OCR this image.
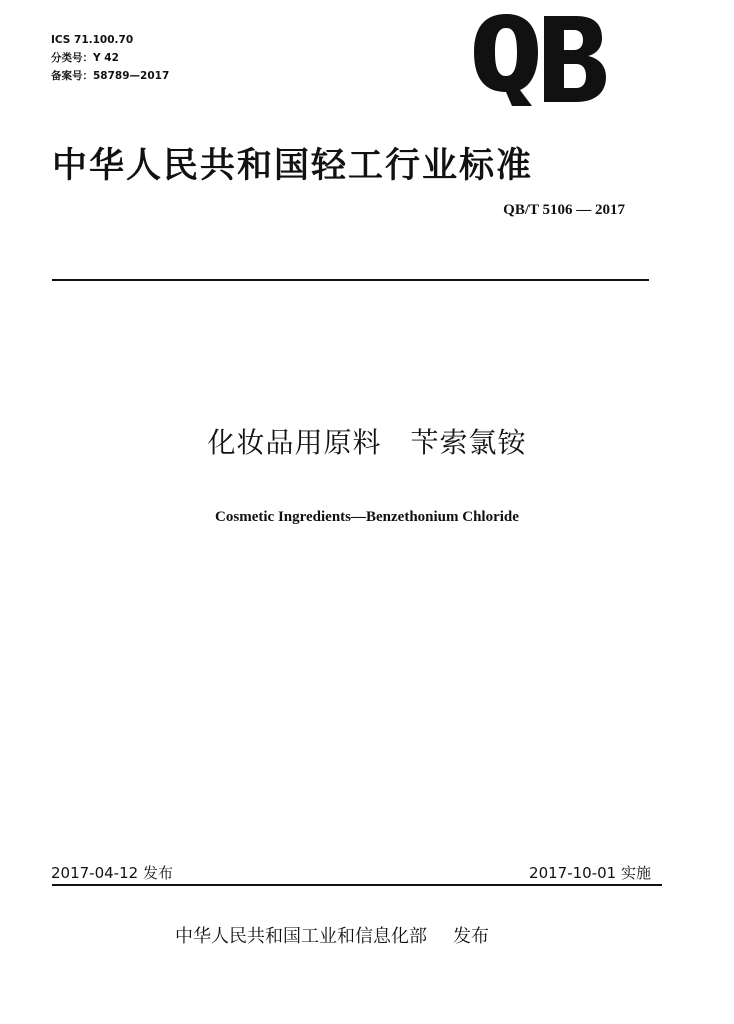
ICS 71.100.70
分类号：Y 42
备案号：58789—2017
中华人民共和国轻工行业标准
QB/T 5106 — 2017
化妆品用原料　苄索氯铵
Cosmetic Ingredients—Benzethonium Chloride
2017-04-12 发布	2017-10-01 实施
中华人民共和国工业和信息化部 发布
